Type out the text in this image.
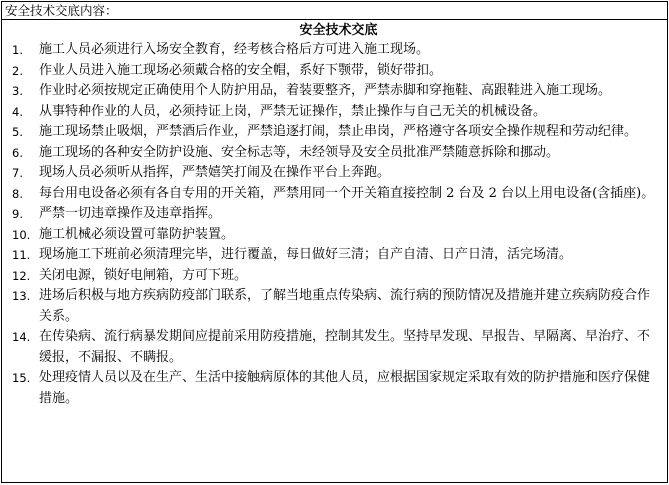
安全技术交底内容：
安全技术交底
1. 施工人员必须进行入场安全教育，经考核合格后方可进入施工现场。
2. 作业人员进入施工现场必须戴合格的安全帽，系好下颚带，锁好带扣。
3. 作业时必须按规定正确使用个人防护用品，着装要整齐，严禁赤脚和穿拖鞋、高跟鞋进入施工现场。
4. 从事特种作业的人员，必须持证上岗，严禁无证操作，禁止操作与自己无关的机械设备。
5. 施工现场禁止吸烟，严禁酒后作业，严禁追逐打闹，禁止串岗，严格遵守各项安全操作规程和劳动纪律。
6. 施工现场的各种安全防护设施、安全标志等，未经领导及安全员批准严禁随意拆除和挪动。
7. 现场人员必须听从指挥，严禁嬉笑打闹及在操作平台上奔跑。
8. 每台用电设备必须有各自专用的开关箱，严禁用同一个开关箱直接控制 2 台及 2 台以上用电设备(含插座)。
9. 严禁一切违章操作及违章指挥。
10. 施工机械必须设置可靠防护装置。
11. 现场施工下班前必须清理完毕，进行覆盖，每日做好三清；自产自清、日产日清，活完场清。
12. 关闭电源，锁好电闸箱，方可下班。
13. 进场后积极与地方疾病防疫部门联系，了解当地重点传染病、流行病的预防情况及措施并建立疾病防疫合作关系。
14. 在传染病、流行病暴发期间应提前采用防疫措施，控制其发生。坚持早发现、早报告、早隔离、早治疗、不缓报，不漏报、不瞒报。
15. 处理疫情人员以及在生产、生活中接触病原体的其他人员，应根据国家规定采取有效的防护措施和医疗保健措施。
